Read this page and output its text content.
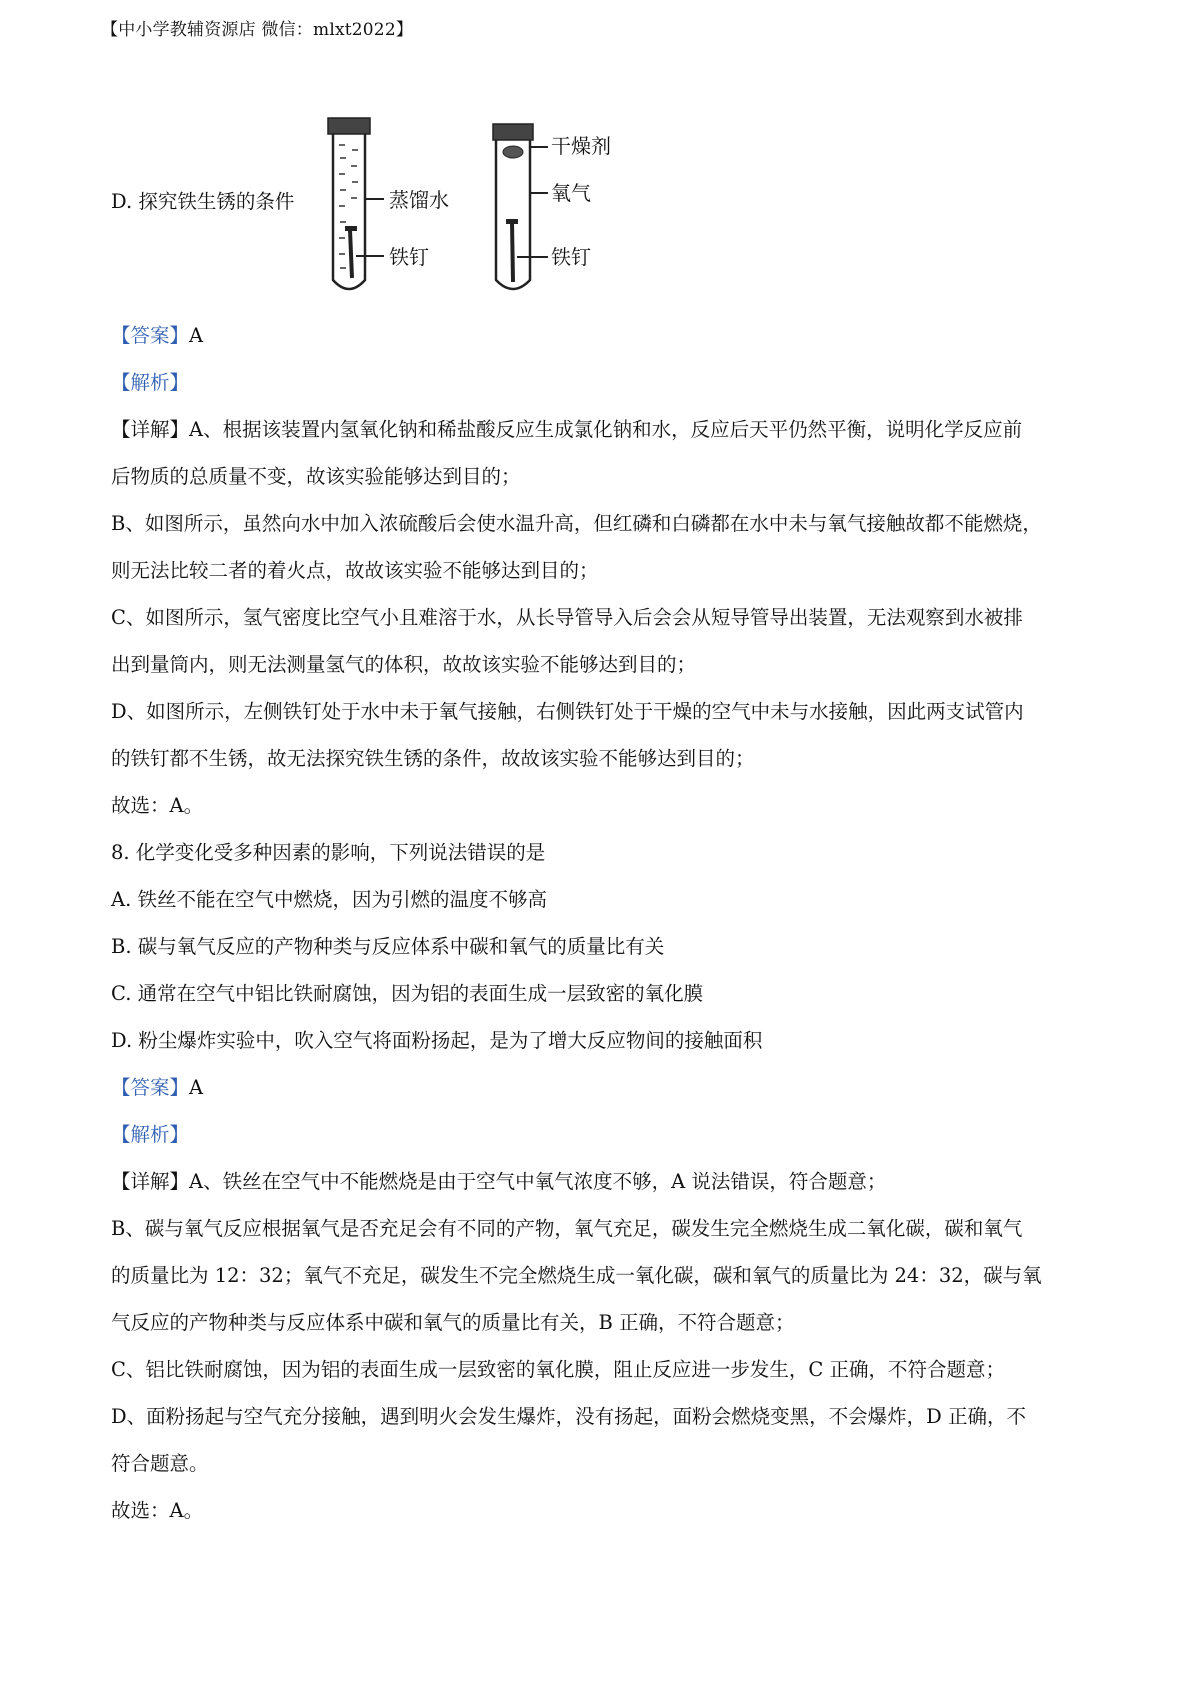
【中小学教辅资源店 微信：mlxt2022】
D. 探究铁生锈的条件	蒸馏水
铁钉
干燥剂
氧气
铁钉
【答案】A
【解析】
【详解】A、根据该装置内氢氧化钠和稀盐酸反应生成氯化钠和水，反应后天平仍然平衡，说明化学反应前
后物质的总质量不变，故该实验能够达到目的；
B、如图所示，虽然向水中加入浓硫酸后会使水温升高，但红磷和白磷都在水中未与氧气接触故都不能燃烧，
则无法比较二者的着火点，故故该实验不能够达到目的；
C、如图所示，氢气密度比空气小且难溶于水，从长导管导入后会会从短导管导出装置，无法观察到水被排
出到量筒内，则无法测量氢气的体积，故故该实验不能够达到目的；
D、如图所示，左侧铁钉处于水中未于氧气接触，右侧铁钉处于干燥的空气中未与水接触，因此两支试管内
的铁钉都不生锈，故无法探究铁生锈的条件，故故该实验不能够达到目的；
故选：A。
8. 化学变化受多种因素的影响，下列说法错误的是
A. 铁丝不能在空气中燃烧，因为引燃的温度不够高
B. 碳与氧气反应的产物种类与反应体系中碳和氧气的质量比有关
C. 通常在空气中铝比铁耐腐蚀，因为铝的表面生成一层致密的氧化膜
D. 粉尘爆炸实验中，吹入空气将面粉扬起，是为了增大反应物间的接触面积
【答案】A
【解析】
【详解】A、铁丝在空气中不能燃烧是由于空气中氧气浓度不够，A 说法错误，符合题意；
B、碳与氧气反应根据氧气是否充足会有不同的产物，氧气充足，碳发生完全燃烧生成二氧化碳，碳和氧气
的质量比为 12：32；氧气不充足，碳发生不完全燃烧生成一氧化碳，碳和氧气的质量比为 24：32，碳与氧
气反应的产物种类与反应体系中碳和氧气的质量比有关，B 正确，不符合题意；
C、铝比铁耐腐蚀，因为铝的表面生成一层致密的氧化膜，阻止反应进一步发生，C 正确，不符合题意；
D、面粉扬起与空气充分接触，遇到明火会发生爆炸，没有扬起，面粉会燃烧变黑，不会爆炸，D 正确，不
符合题意。
故选：A。
